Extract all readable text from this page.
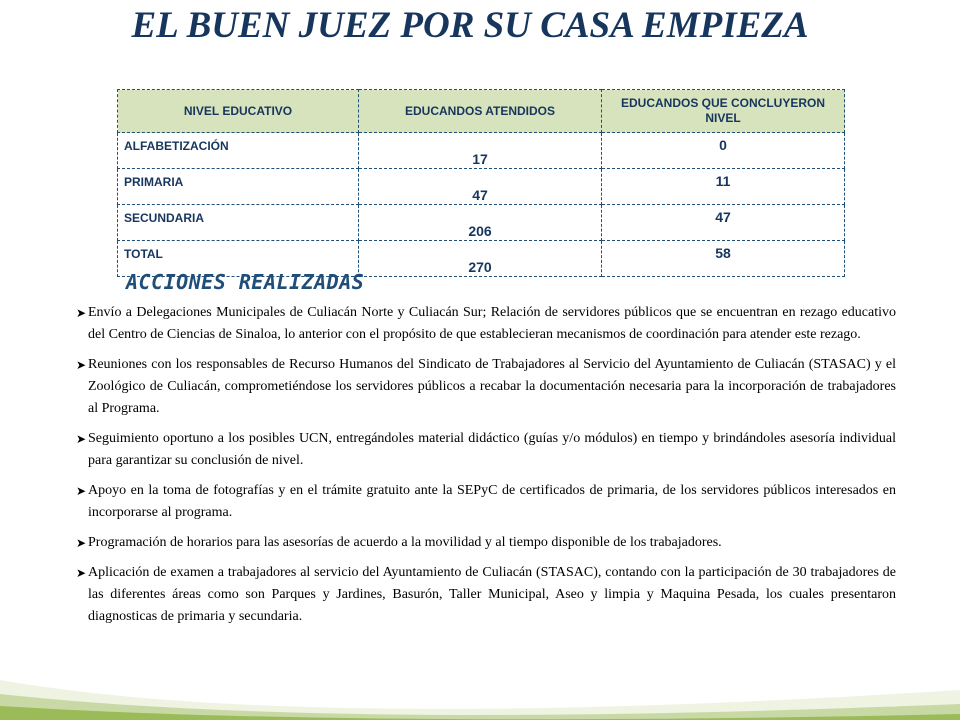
EL BUEN JUEZ POR SU CASA EMPIEZA
NIVEL EDUCATIVO	EDUCANDOS ATENDIDOS	EDUCANDOS QUE CONCLUYERON NIVEL
ALFABETIZACIÓN	17	0
PRIMARIA	47	11
SECUNDARIA	206	47
TOTAL	270	58
ACCIONES REALIZADAS
➤ Envío a Delegaciones Municipales de Culiacán Norte y Culiacán Sur; Relación de servidores públicos que se encuentran en rezago educativo del Centro de Ciencias de Sinaloa, lo anterior con el propósito de que establecieran mecanismos de coordinación para atender este rezago.
➤ Reuniones con los responsables de Recurso Humanos del Sindicato de Trabajadores al Servicio del Ayuntamiento de Culiacán (STASAC) y el Zoológico de Culiacán, comprometiéndose los servidores públicos a recabar la documentación necesaria para la incorporación de trabajadores al Programa.
➤ Seguimiento oportuno a los posibles UCN, entregándoles material didáctico (guías y/o módulos) en tiempo y brindándoles asesoría individual para garantizar su conclusión de nivel.
➤ Apoyo en la toma de fotografías y en el trámite gratuito ante la SEPyC de certificados de primaria, de los servidores públicos interesados en incorporarse al programa.
➤ Programación de horarios para las asesorías de acuerdo a la movilidad y al tiempo disponible de los trabajadores.
➤ Aplicación de examen a trabajadores al servicio del Ayuntamiento de Culiacán (STASAC), contando con la participación de 30 trabajadores de las diferentes áreas como son Parques y Jardines, Basurón, Taller Municipal, Aseo y limpia y Maquina Pesada, los cuales presentaron diagnosticas de primaria y secundaria.
